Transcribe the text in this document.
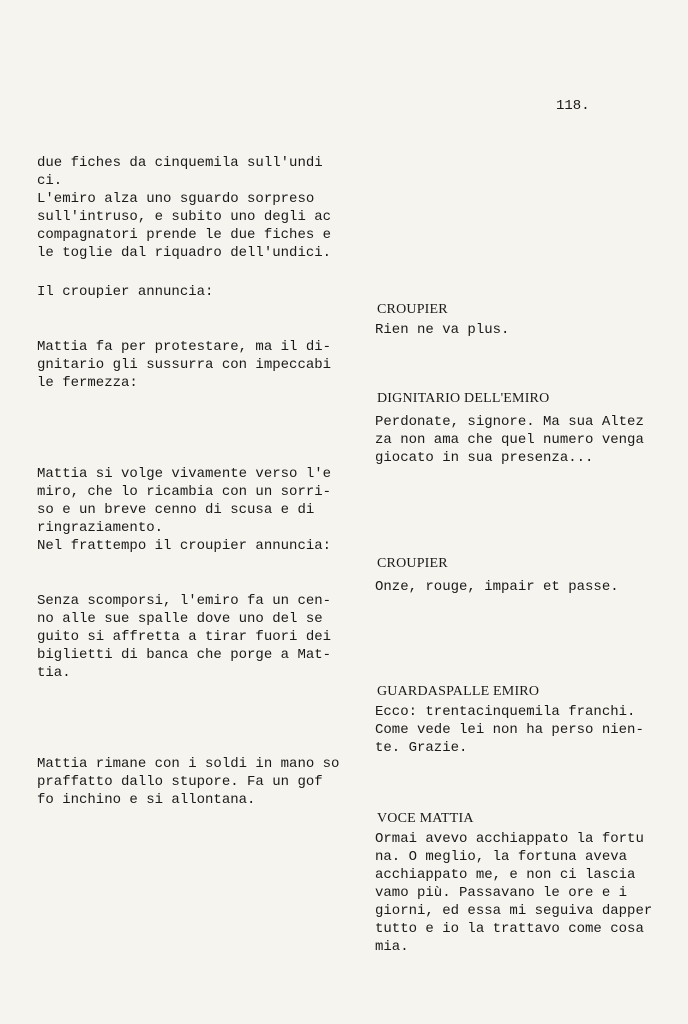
118.

due fiches da cinquemila sull'undi
ci.
L'emiro alza uno sguardo sorpreso
sull'intruso, e subito uno degli ac
compagnatori prende le due fiches e
le toglie dal riquadro dell'undici.

Il croupier annuncia:

Mattia fa per protestare, ma il di-
gnitario gli sussurra con impeccabi
le fermezza:

Mattia si volge vivamente verso l'e
miro, che lo ricambia con un sorri-
so e un breve cenno di scusa e di
ringraziamento.
Nel frattempo il croupier annuncia:

Senza scomporsi, l'emiro fa un cen-
no alle sue spalle dove uno del se
guito si affretta a tirar fuori dei
biglietti di banca che porge a Mat-
tia.

Mattia rimane con i soldi in mano so
praffatto dallo stupore. Fa un gof
fo inchino e si allontana.

CROUPIER

Rien ne va plus.

DIGNITARIO DELL'EMIRO

Perdonate, signore. Ma sua Altez
za non ama che quel numero venga
giocato in sua presenza...

CROUPIER

Onze, rouge, impair et passe.

GUARDASPALLE EMIRO

Ecco: trentacinquemila franchi.
Come vede lei non ha perso nien-
te. Grazie.

VOCE MATTIA

Ormai avevo acchiappato la fortu
na. O meglio, la fortuna aveva
acchiappato me, e non ci lascia
vamo più. Passavano le ore e i
giorni, ed essa mi seguiva dapper
tutto e io la trattavo come cosa
mia.
